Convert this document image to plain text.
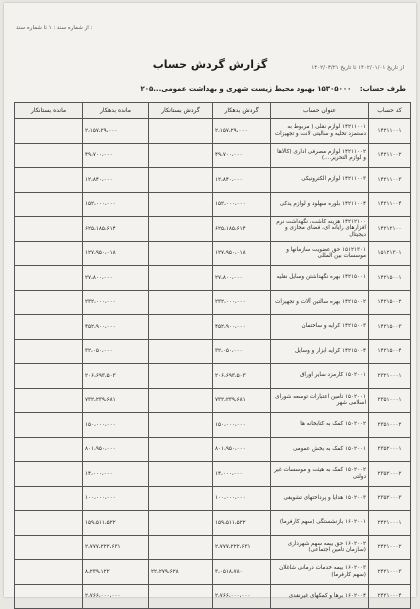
از شماره سند : ۱ تا شماره سند :
گزارش گردش حساب	از تاریخ ۱۴۰۲/۰۱/۰۱ تا تاریخ ۱۴۰۲/۰۳/۲۱
طرف حساب: ۱۵۳۰۵۰۰۰ بهبود محیط زیست شهری و بهداشت عمومی...۲۰۵
کد حساب	عنوان حساب	گردش بدهکار	گردش بستانکار	مانده بدهکار	مانده بستانکار
۱۴۲۱۱۰۰۱	۱۴۲۱۱۰۰۱ لوازم نقلی ( مربوط به دستمزد تخلیه و سالیتی لانت و تجهیزات	۲،۱۵۷،۲۹،۰۰۰		۲،۱۵۷،۲۹،۰۰۰	
۱۴۲۱۱۰۰۲	۱۴۲۱۱۰۰۲ لوازم مصرفی اداری (کالاها و لوازم التحریر....)	۴۹،۷۰۰،۰۰۰		۴۹،۷۰۰،۰۰۰	
۱۴۲۱۱۰۰۳	۱۴۲۱۱۰۰۳ لوازم الکترونیکی	۱۲،۸۴۰،۰۰۰		۱۲،۸۴۰،۰۰۰	
۱۴۲۱۱۰۰۴	۱۴۲۱۱۰۰۴ بلوره سهلود و لوازم یدکی	۱۵۲،۰۰۰،۰۰۰		۱۵۲،۰۰۰،۰۰۰	
۱۴۲۱۲۱۰۰	۱۴۲۱۲۱۰۰ هزینه کاشت، نگهداشت نرم افزارهای رایانه ای، فضای مجازی و دیجیتال	۶۲۵،۱۸۵،۶۱۴		۶۲۵،۱۸۵،۶۱۴	
۱۵۱۲۱۳۰۱	۱۵۱۲۱۳۰۱ حق عضویت سازمانها و موسسات بین المللی	۱۲۷،۹۵۰،۰۱۸		۱۲۷،۹۵۰،۰۱۸	
۱۴۲۱۵۰۰۱	۱۴۲۱۵۰۰۱ بهره نگهداشتن وسایل نقلیه	۲۷،۸۰۰،۰۰۰		۲۷،۸۰۰،۰۰۰	
۱۴۲۱۵۰۰۲	۱۴۲۱۵۰۰۲ بهره سالتین آلات و تجهیزات	۲۳۲،۰۰۰،۰۰۰		۲۳۲،۰۰۰،۰۰۰	
۱۴۲۱۵۰۰۳	۱۴۲۱۵۰۰۳ کرایه و ساختمان	۴۵۲،۹۰۰،۰۰۰		۴۵۲،۹۰۰،۰۰۰	
۱۴۲۱۵۰۰۴	۱۴۲۱۵۰۰۴ کرایه ابزار و وسایل	۳۲،۰۵۰،۰۰۰		۳۲،۰۵۰،۰۰۰	
۲۳۲۱۰۰۰۱	۱۵۰۲۰۰۱ کارمزد سایر اوراق	۲۰۶،۶۹۳،۵۰۳		۲۰۶،۶۹۳،۵۰۳	
۲۳۵۱۰۰۰۱	۱۵۰۲۰۰۱ تامین اعتبارات توسعه شورای اسلامی شهر	۷۳۲،۲۳۹،۶۸۱		۷۳۲،۲۳۹،۶۸۱	
۲۳۵۱۰۰۰۲	۱۵۰۲۰۰۲ کمک به کتابخانه ها	۱۵۰،۰۰۰،۰۰۰		۱۵۰،۰۰۰،۰۰۰	
۲۳۵۲۰۰۰۱	۱۵۰۲۰۰۱ کمک به بخش عمومی	۸۰۱،۹۵۰،۰۰۰		۸۰۱،۹۵۰،۰۰۰	
۲۳۵۲۰۰۰۲	۱۵۰۲۰۰۲ کمک به هیئت و موسسات غیر دولتی	۱۴،۰۰۰،۰۰۰		۱۴،۰۰۰،۰۰۰	
۲۳۵۲۰۰۰۳	۱۵۰۲۰۰۳ هدایا و پرداختهای تشویقی	۱۰۰،۰۰۰،۰۰۰		۱۰۰،۰۰۰،۰۰۰	
۲۴۲۱۰۰۰۱	۱۶۰۲۰۰۱ بازنشستگی (سهم کارفرما)	۱۵۹،۵۱۱،۵۲۲		۱۵۹،۵۱۱،۵۲۲	
۲۴۲۱۰۰۰۲	۱۶۰۲۰۰۲ حق بیمه سهم شهرداری (سازمان تامین اجتماعی)	۲،۷۷۷،۲۲۲،۶۳۱		۲،۷۷۷،۲۲۲،۶۳۱	
۲۴۲۱۰۰۰۳	۱۶۰۲۰۰۳ بیمه خدمات درمانی شاغلان (سهم کارفرما)	۳،۰۵۱۸،۷۸۰	۲۲،۲۷۹،۶۲۸	۸،۲۳۹،۱۲۲	
۲۴۲۱۰۰۰۴	۱۶۰۲۰۰۴ برها و کمکهای غیرنقدی	۲،۷۶۶،۰۰۰،۰۰۰		۲،۷۶۶،۰۰۰،۰۰۰	
